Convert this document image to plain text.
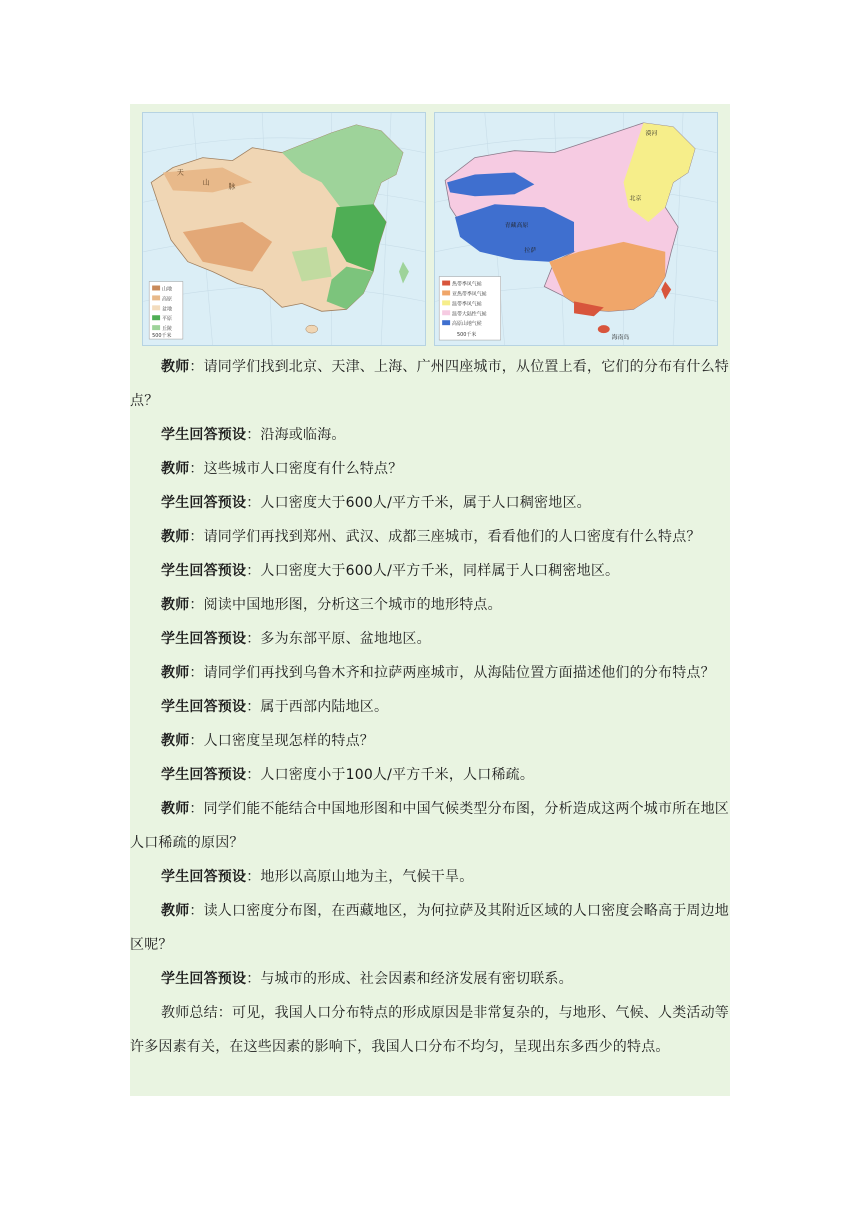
天
山	脉
山地
高原
盆地
平原
丘陵
500千米
漠河
北京
青藏高原
拉萨
海南岛
热带季风气候
亚热带季风气候
温带季风气候
温带大陆性气候
高原山地气候
500千米

教师：请同学们找到北京、天津、上海、广州四座城市，从位置上看，它们的分布有什么特点？

学生回答预设：沿海或临海。

教师：这些城市人口密度有什么特点？

学生回答预设：人口密度大于600人/平方千米，属于人口稠密地区。

教师：请同学们再找到郑州、武汉、成都三座城市，看看他们的人口密度有什么特点？

学生回答预设：人口密度大于600人/平方千米，同样属于人口稠密地区。

教师：阅读中国地形图，分析这三个城市的地形特点。

学生回答预设：多为东部平原、盆地地区。

教师：请同学们再找到乌鲁木齐和拉萨两座城市，从海陆位置方面描述他们的分布特点？

学生回答预设：属于西部内陆地区。

教师：人口密度呈现怎样的特点？

学生回答预设：人口密度小于100人/平方千米，人口稀疏。

教师：同学们能不能结合中国地形图和中国气候类型分布图，分析造成这两个城市所在地区人口稀疏的原因？

学生回答预设：地形以高原山地为主，气候干旱。

教师：读人口密度分布图，在西藏地区，为何拉萨及其附近区域的人口密度会略高于周边地区呢？

学生回答预设：与城市的形成、社会因素和经济发展有密切联系。

教师总结：可见，我国人口分布特点的形成原因是非常复杂的，与地形、气候、人类活动等许多因素有关，在这些因素的影响下，我国人口分布不均匀，呈现出东多西少的特点。
